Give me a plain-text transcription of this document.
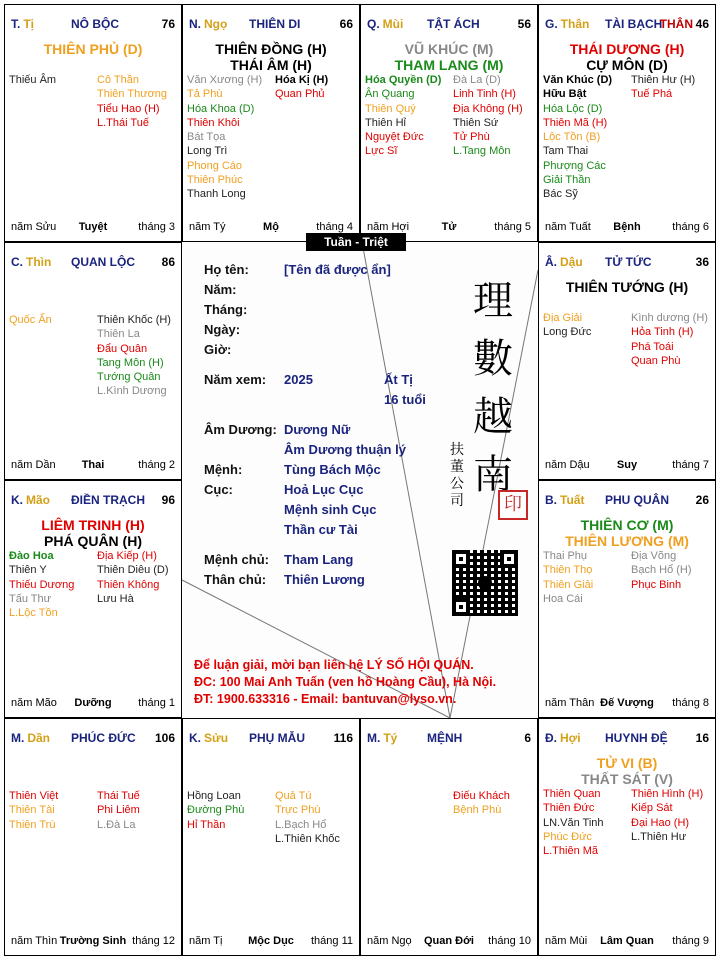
T. Tị	NÔ BỘC	76
THIÊN PHỦ (D)
Thiếu Âm	Cô Thần
Thiên Thương
Tiểu Hao (H)
L.Thái Tuế
năm Sửu	Tuyệt	tháng 3
N. Ngọ THIÊN DI	66
THIÊN ĐỒNG (H)
THÁI ÂM (H)
Văn Xương (H)
Tả Phù
Hóa Khoa (D)
Thiên Khôi
Bát Tọa
Long Trì
Phong Cáo
Thiên Phúc
Thanh Long
Hóa Kị (H)
Quan Phủ
năm Tý	Mộ	tháng 4
Q. Mùi TẬT ÁCH	56
VŨ KHÚC (M)
THAM LANG (M)
Hóa Quyền (D)
Ân Quang
Thiên Quý
Thiên Hỉ
Nguyệt Đức
Lực Sĩ
Đà La (D)
Linh Tinh (H)
Địa Không (H)
Thiên Sứ
Tử Phù
L.Tang Môn
năm Hợi	Tử	tháng 5
G. Thân TÀI BẠCH
THÂN 46
THÁI DƯƠNG (H)
CỰ MÔN (D)
Văn Khúc (D)
Hữu Bật
Hóa Lộc (D)
Thiên Mã (H)
Lộc Tồn (B)
Tam Thai
Phượng Các
Giải Thần
Bác Sỹ
Thiên Hư (H)
Tuế Phá
năm Tuất	Bệnh	tháng 6
C. Thìn QUAN LỘC 86
Quốc Ấn	Thiên Khốc (H)
Thiên La
Đẩu Quân
Tang Môn (H)
Tướng Quân
L.Kình Dương
năm Dần	Thai	tháng 2
Â. Dậu TỬ TỨC	36
THIÊN TƯỚNG (H)
Địa Giải
Long Đức
Kình dương (H)
Hỏa Tinh (H)
Phá Toái
Quan Phù
năm Dậu	Suy	tháng 7
K. Mão ĐIỀN TRẠCH 96
LIÊM TRINH (H)
PHÁ QUÂN (H)
Đào Hoa
Thiên Y
Thiếu Dương
Tấu Thư
L.Lộc Tồn
Địa Kiếp (H)
Thiên Diêu (D)
Thiên Không
Lưu Hà
năm Mão	Dưỡng	tháng 1
B. Tuất PHU QUÂN 26
THIÊN CƠ (M)
THIÊN LƯƠNG (M)
Thai Phụ
Thiên Thọ
Thiên Giải
Hoa Cái
Địa Võng
Bạch Hổ (H)
Phục Binh
năm Thân Đế Vượng	tháng 8
M. Dần PHÚC ĐỨC 106
Thiên Việt
Thiên Tài
Thiên Trù
Thái Tuế
Phi Liêm
L.Đà La
năm Thìn Trường Sinh tháng 12
K. Sửu PHỤ MẪU 116
Hồng Loan
Đường Phù
Hỉ Thần
Quả Tú
Trực Phù
L.Bạch Hổ
L.Thiên Khốc
năm Tị	Mộc Dục	tháng 11
M. Tý MỆNH	6
Điếu Khách
Bệnh Phù
năm Ngọ	Quan Đới	tháng 10
Đ. Hợi HUYNH ĐỆ 16
TỬ VI (B)
THẤT SÁT (V)
Thiên Quan
Thiên Đức
LN.Văn Tinh
Phúc Đức
L.Thiên Mã
Thiên Hình (H)
Kiếp Sát
Đại Hao (H)
L.Thiên Hư
năm Mùi	Lâm Quan	tháng 9
Tuần - Triệt
Họ tên:	[Tên đã được ẩn]
Năm:
Tháng:
Ngày:
Giờ:
Năm xem: 2025	Ất Tị
16 tuổi
Âm Dương: Dương Nữ
Âm Dương thuận lý
Mệnh:	Tùng Bách Mộc
Cục:	Hoả Lục Cục
Mệnh sinh Cục
Thần cư Tài
Mệnh chủ: Tham Lang
Thân chủ: Thiên Lương
理
數
越
南
扶
董
公
司	印
Để luận giải, mời bạn liên hệ LÝ SỐ HỘI QUÁN.
ĐC: 100 Mai Anh Tuấn (ven hồ Hoàng Cầu), Hà Nội.
ĐT: 1900.633316 - Email: bantuvan@lyso.vn.
